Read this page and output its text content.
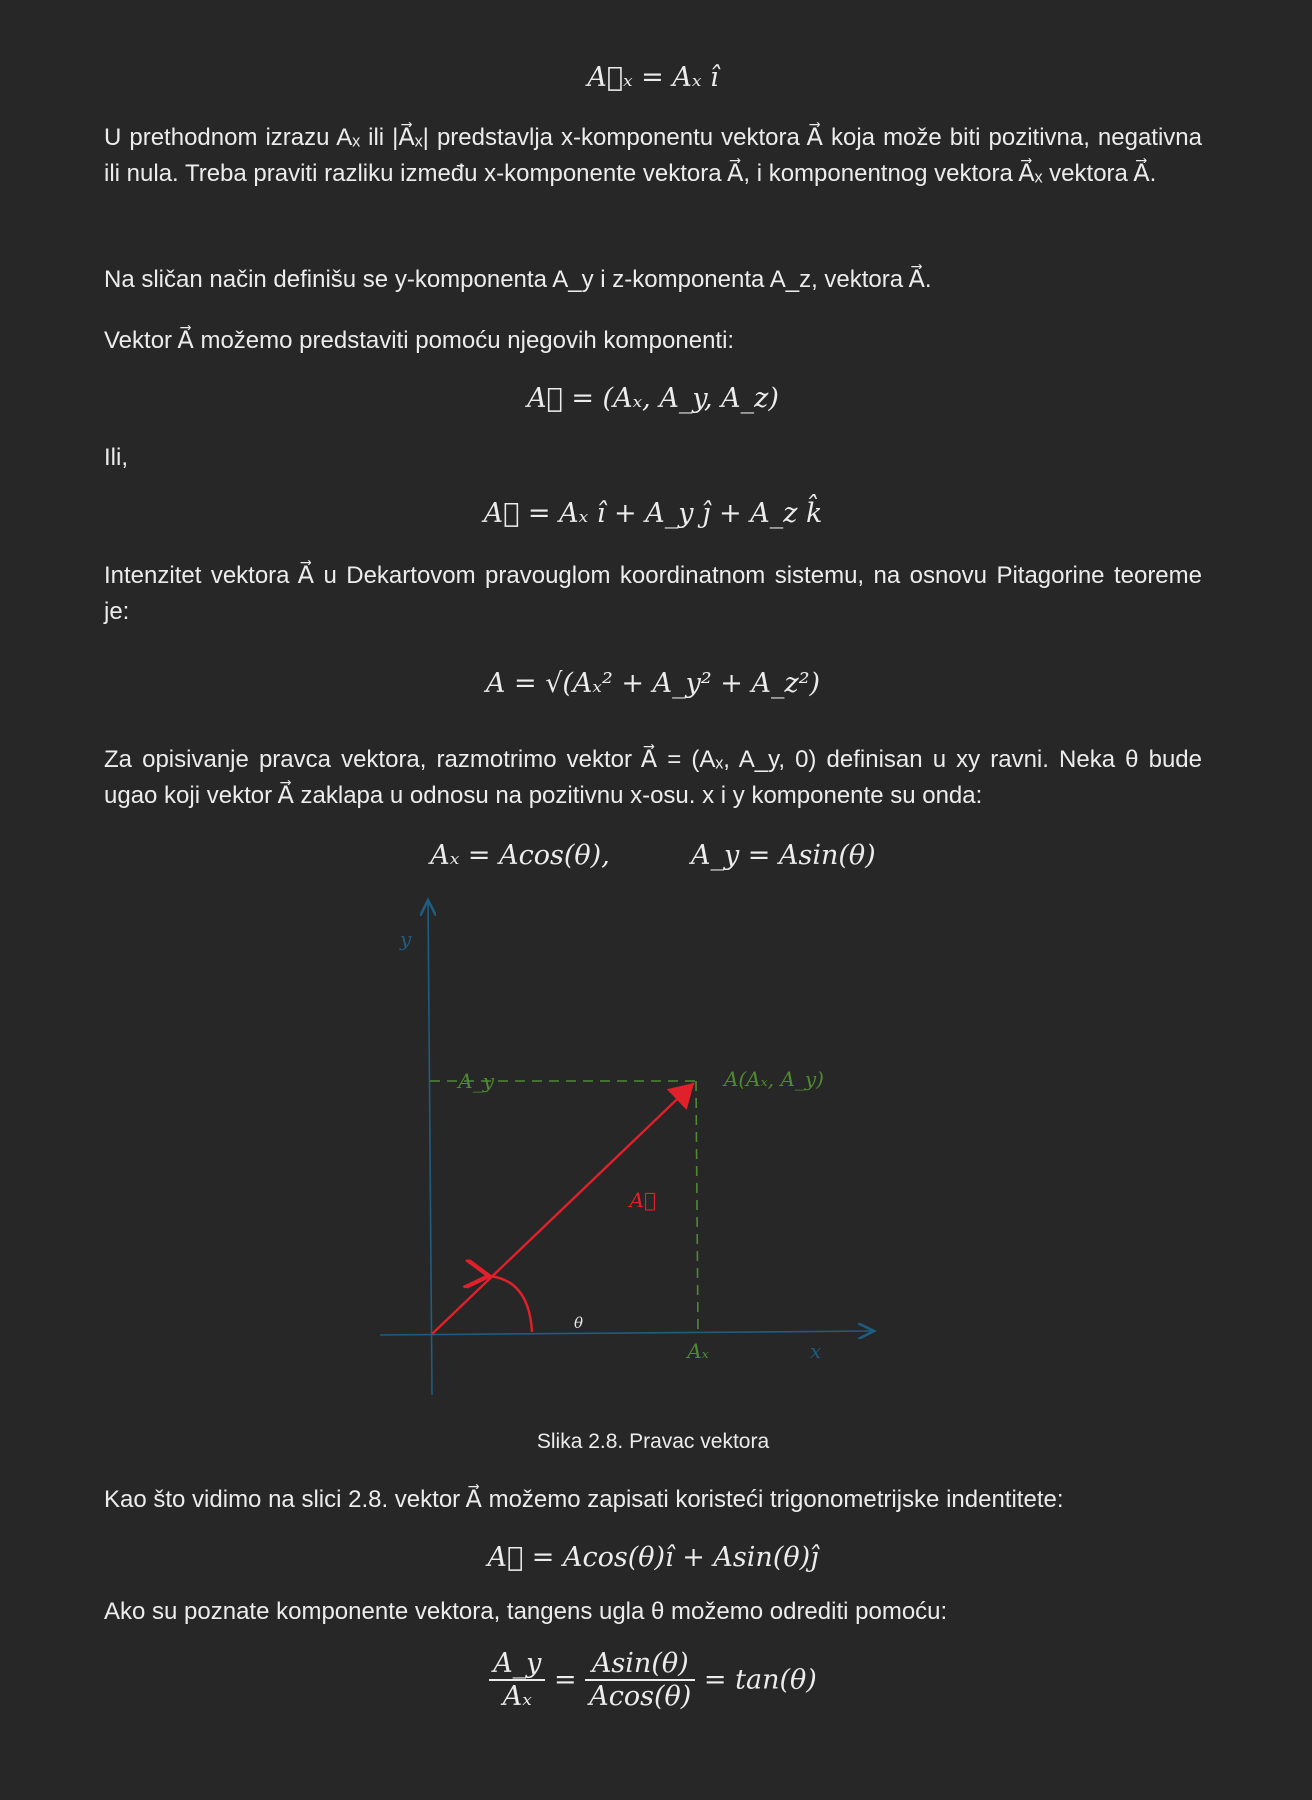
A⃗ₓ = Aₓ î
U prethodnom izrazu Aₓ ili |A⃗ₓ| predstavlja x-komponentu vektora A⃗ koja može biti pozitivna, negativna ili nula. Treba praviti razliku između x-komponente vektora A⃗, i komponentnog vektora A⃗ₓ vektora A⃗.
Na sličan način definišu se y-komponenta A_y i z-komponenta A_z, vektora A⃗.
Vektor A⃗ možemo predstaviti pomoću njegovih komponenti:
A⃗ = (Aₓ, A_y, A_z)
Ili,
A⃗ = Aₓ î + A_y ĵ + A_z k̂
Intenzitet vektora A⃗ u Dekartovom pravouglom koordinatnom sistemu, na osnovu Pitagorine teoreme je:
A = √(Aₓ² + A_y² + A_z²)
Za opisivanje pravca vektora, razmotrimo vektor A⃗ = (Aₓ, A_y, 0) definisan u xy ravni. Neka θ bude ugao koji vektor A⃗ zaklapa u odnosu na pozitivnu x-osu. x i y komponente su onda:
Aₓ = Acos(θ),	A_y = Asin(θ)
y
x
A_y
Aₓ
A(Aₓ, A_y)
A⃗
θ
Slika 2.8. Pravac vektora
Kao što vidimo na slici 2.8. vektor A⃗ možemo zapisati koristeći trigonometrijske indentitete:
A⃗ = Acos(θ)î + Asin(θ)ĵ
Ako su poznate komponente vektora, tangens ugla θ možemo odrediti pomoću:
$\frac{A\_y}{\text{Aₓ}} = \frac{Asin(\theta)}{Acos(\theta)} = \tan(\theta)$
